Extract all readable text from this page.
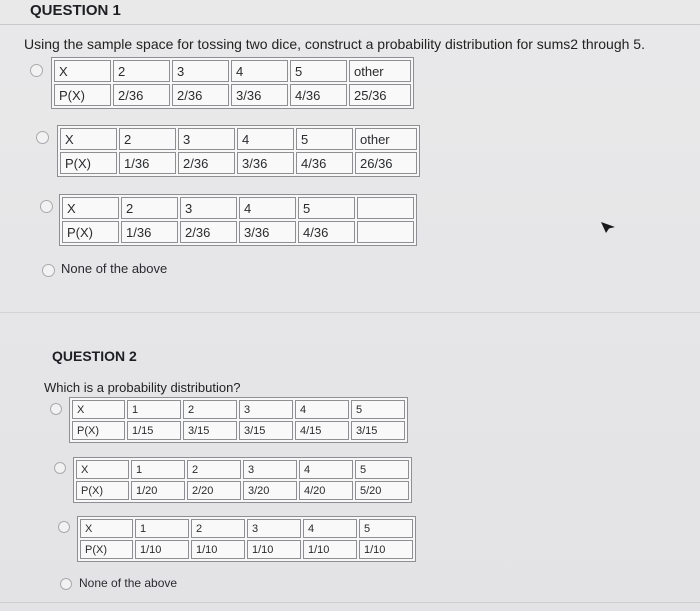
QUESTION 1
Using the sample space for tossing two dice, construct a probability distribution for sums2 through 5.
X	2	3	4	5	other
P(X)	2/36	2/36	3/36	4/36	25/36
X	2	3	4	5	other
P(X)	1/36	2/36	3/36	4/36	26/36
X	2	3	4	5	
P(X)	1/36	2/36	3/36	4/36	
None of the above
QUESTION 2
Which is a probability distribution?
X	1	2	3	4	5
P(X)	1/15	3/15	3/15	4/15	3/15
X	1	2	3	4	5
P(X)	1/20	2/20	3/20	4/20	5/20
X	1	2	3	4	5
P(X)	1/10	1/10	1/10	1/10	1/10
None of the above
